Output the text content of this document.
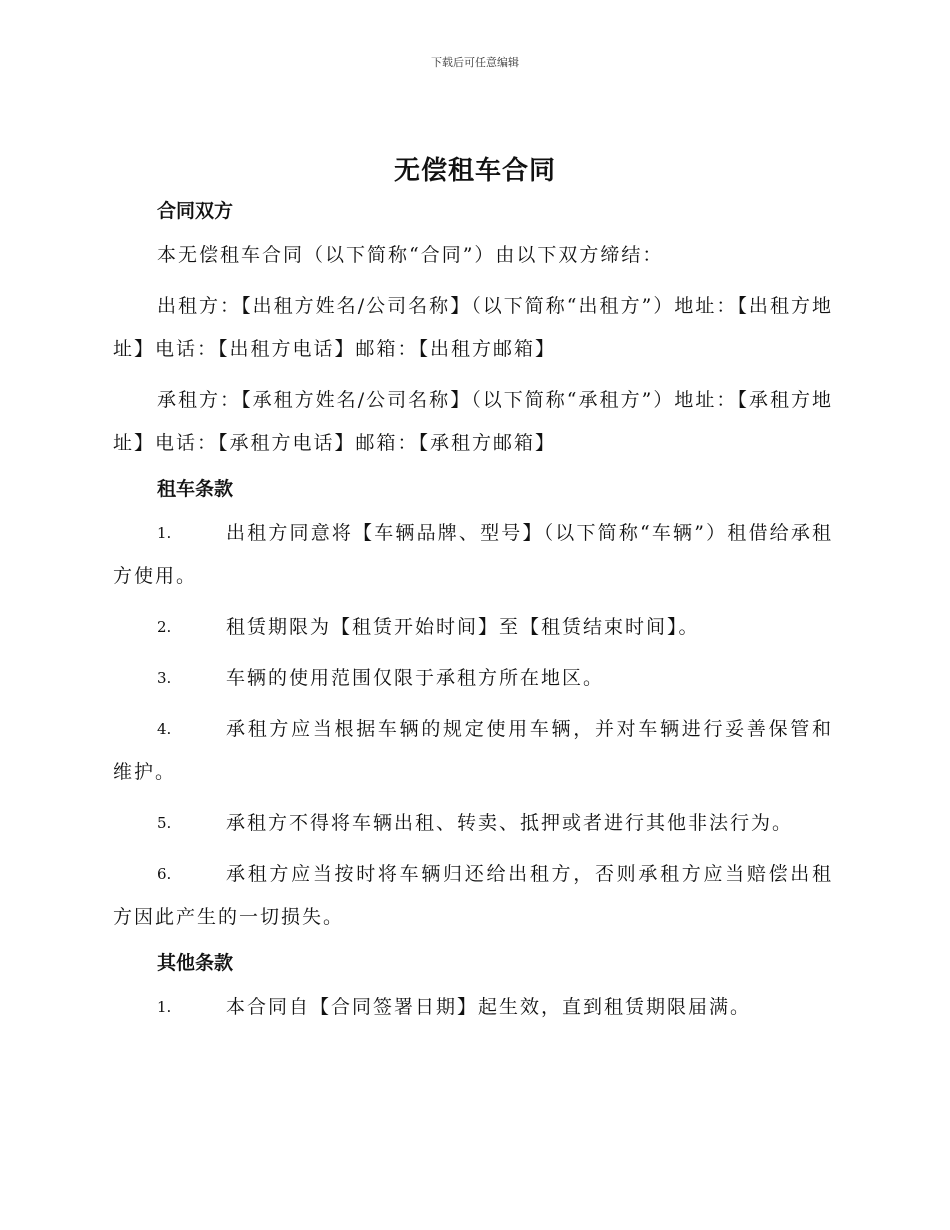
下载后可任意编辑
无偿租车合同
合同双方

本无偿租车合同（以下简称“合同”）由以下双方缔结：

出租方：【出租方姓名/公司名称】（以下简称“出租方”）地址：【出租方地址】电话：【出租方电话】邮箱：【出租方邮箱】

承租方：【承租方姓名/公司名称】（以下简称“承租方”）地址：【承租方地址】电话：【承租方电话】邮箱：【承租方邮箱】

租车条款

1.	出租方同意将【车辆品牌、型号】（以下简称“车辆”）租借给承租方使用。

2.	租赁期限为【租赁开始时间】至【租赁结束时间】。

3.	车辆的使用范围仅限于承租方所在地区。

4.	承租方应当根据车辆的规定使用车辆，并对车辆进行妥善保管和维护。

5.	承租方不得将车辆出租、转卖、抵押或者进行其他非法行为。

6.	承租方应当按时将车辆归还给出租方，否则承租方应当赔偿出租方因此产生的一切损失。

其他条款

1.	本合同自【合同签署日期】起生效，直到租赁期限届满。
